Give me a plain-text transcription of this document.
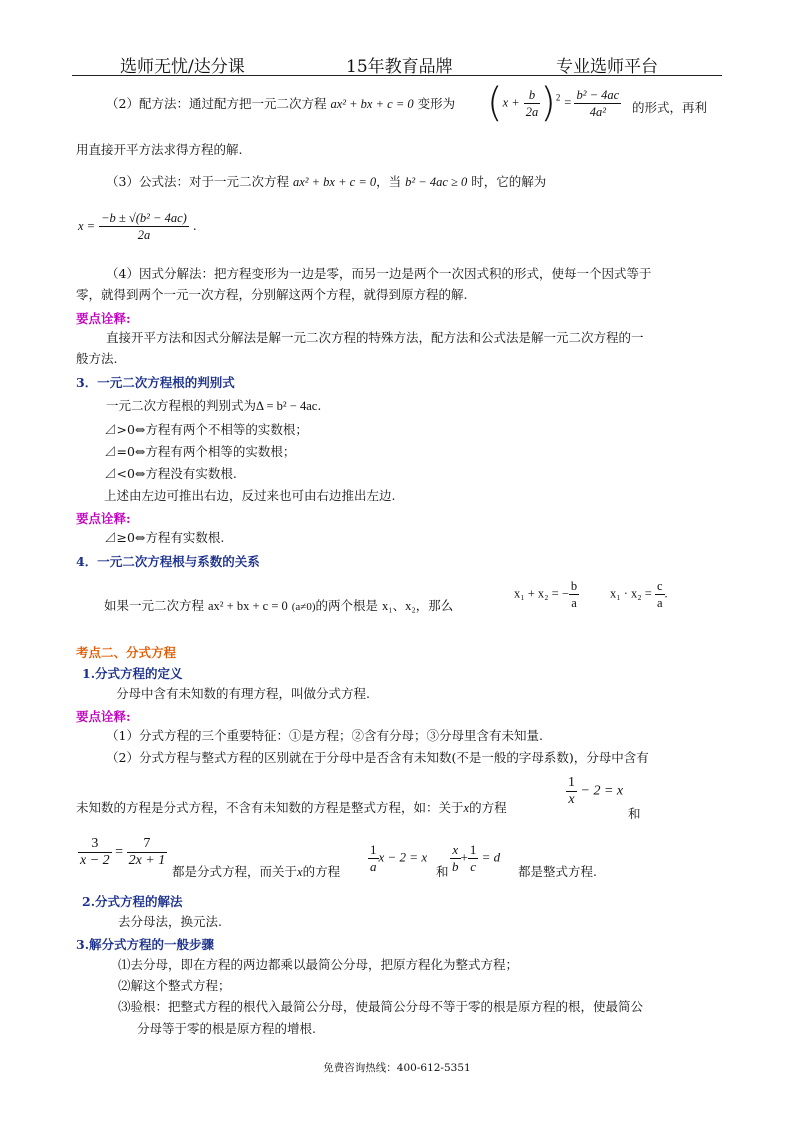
选师无忧/达分课	15年教育品牌	专业选师平台
（2）配方法：通过配方把一元二次方程 ax² + bx + c = 0 变形为 $(x + \frac{b}{2a} )^2 = \frac{\text{b² − 4ac}}{\text{4a²}}$ 的形式，再利
用直接开平方法求得方程的解.
（3）公式法：对于一元二次方程 ax² + bx + c = 0，当 b² − 4ac ≥ 0 时，它的解为
$x = \frac{\text{−b ± √(b² − 4ac)}}{2a}$ .
（4）因式分解法：把方程变形为一边是零，而另一边是两个一次因式积的形式，使每一个因式等于
零，就得到两个一元一次方程，分别解这两个方程，就得到原方程的解.
要点诠释:
直接开平方法和因式分解法是解一元二次方程的特殊方法，配方法和公式法是解一元二次方程的一
般方法.
3．一元二次方程根的判别式
一元二次方程根的判别式为Δ = b² − 4ac.
⊿>0⇔方程有两个不相等的实数根；
⊿=0⇔方程有两个相等的实数根；
⊿<0⇔方程没有实数根.
上述由左边可推出右边，反过来也可由右边推出左边.
要点诠释:
⊿≥0⇔方程有实数根.
4．一元二次方程根与系数的关系
如果一元二次方程 ax² + bx + c = 0 (a≠0)的两个根是 x₁、x₂，那么
x₁ + x₂ = − $\frac{b}{a} x_1 \cdot x_2 = \frac{c}{a}$ .
考点二、分式方程
1.分式方程的定义
分母中含有未知数的有理方程，叫做分式方程.
要点诠释:
（1）分式方程的三个重要特征：①是方程；②含有分母；③分母里含有未知量.
（2）分式方程与整式方程的区别就在于分母中是否含有未知数(不是一般的字母系数)，分母中含有
未知数的方程是分式方程，不含有未知数的方程是整式方程，如：关于x的方程	$\frac{1}{x} - 2 = x$
和
$\frac{3}{x - 2} = \frac{7}{2x + 1}$
都是分式方程，而关于x的方程 $\frac{1}{a}$ x − 2 = x
和 $\frac{x}{b} + \frac{1}{c} = d$
都是整式方程.
2.分式方程的解法
去分母法，换元法.
3.解分式方程的一般步骤
⑴去分母，即在方程的两边都乘以最简公分母，把原方程化为整式方程；
⑵解这个整式方程；
⑶验根：把整式方程的根代入最简公分母，使最简公分母不等于零的根是原方程的根，使最简公
分母等于零的根是原方程的增根.
免费咨询热线：400-612-5351
